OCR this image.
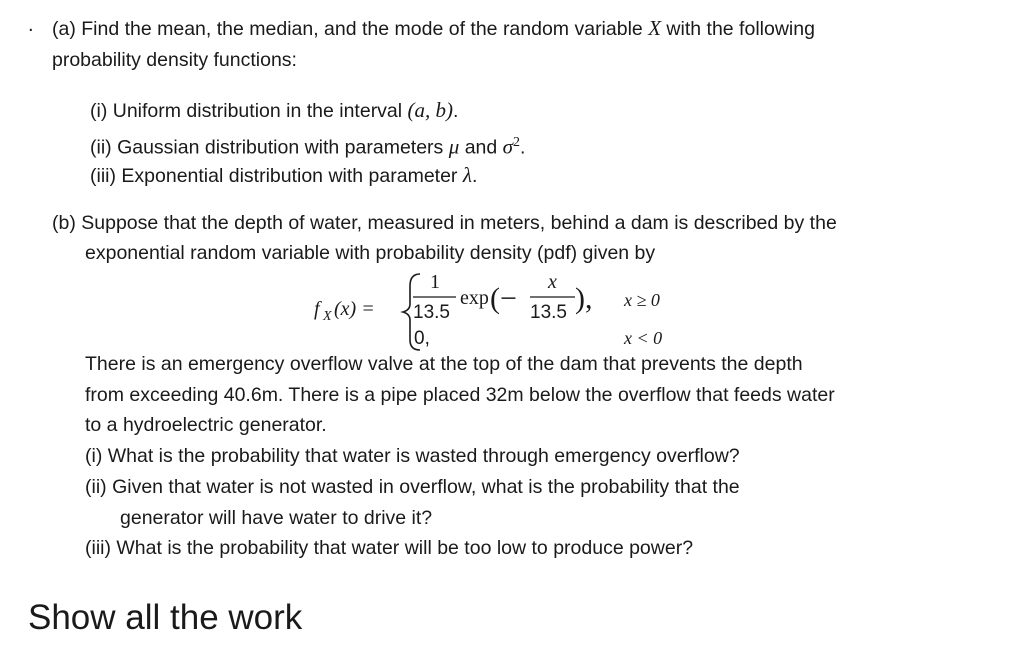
. (a) Find the mean, the median, and the mode of the random variable X with the following
probability density functions:
(i) Uniform distribution in the interval (a, b).
(ii) Gaussian distribution with parameters μ and $\sigma^2$.
(iii) Exponential distribution with parameter λ.
(b) Suppose that the depth of water, measured in meters, behind a dam is described by the
exponential random variable with probability density (pdf) given by
f X (x) =
1
13.5
exp (− x
13.5 ), x ≥ 0
0,	x < 0
There is an emergency overflow valve at the top of the dam that prevents the depth
from exceeding 40.6m. There is a pipe placed 32m below the overflow that feeds water
to a hydroelectric generator.
(i) What is the probability that water is wasted through emergency overflow?
(ii) Given that water is not wasted in overflow, what is the probability that the
generator will have water to drive it?
(iii) What is the probability that water will be too low to produce power?
Show all the work
